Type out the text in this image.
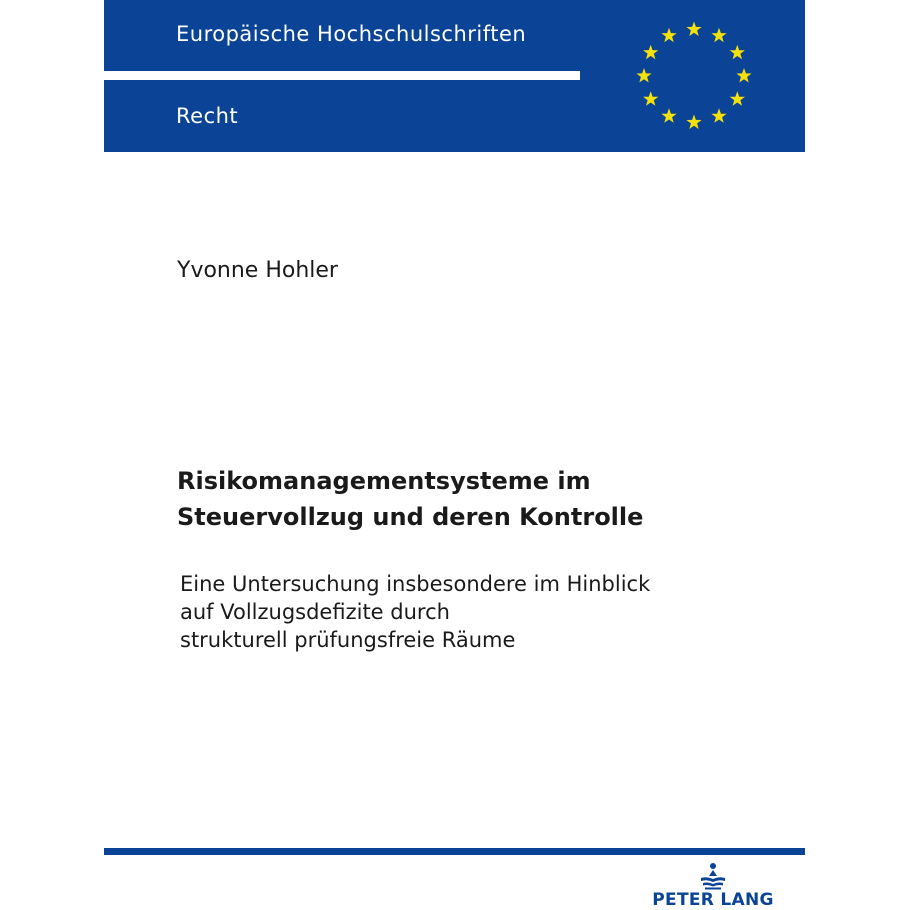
Europäische Hochschulschriften
Recht
Yvonne Hohler
Risikomanagementsysteme im
Steuervollzug und deren Kontrolle
Eine Untersuchung insbesondere im Hinblick
auf Vollzugsdefizite durch
strukturell prüfungsfreie Räume
PETER LANG
